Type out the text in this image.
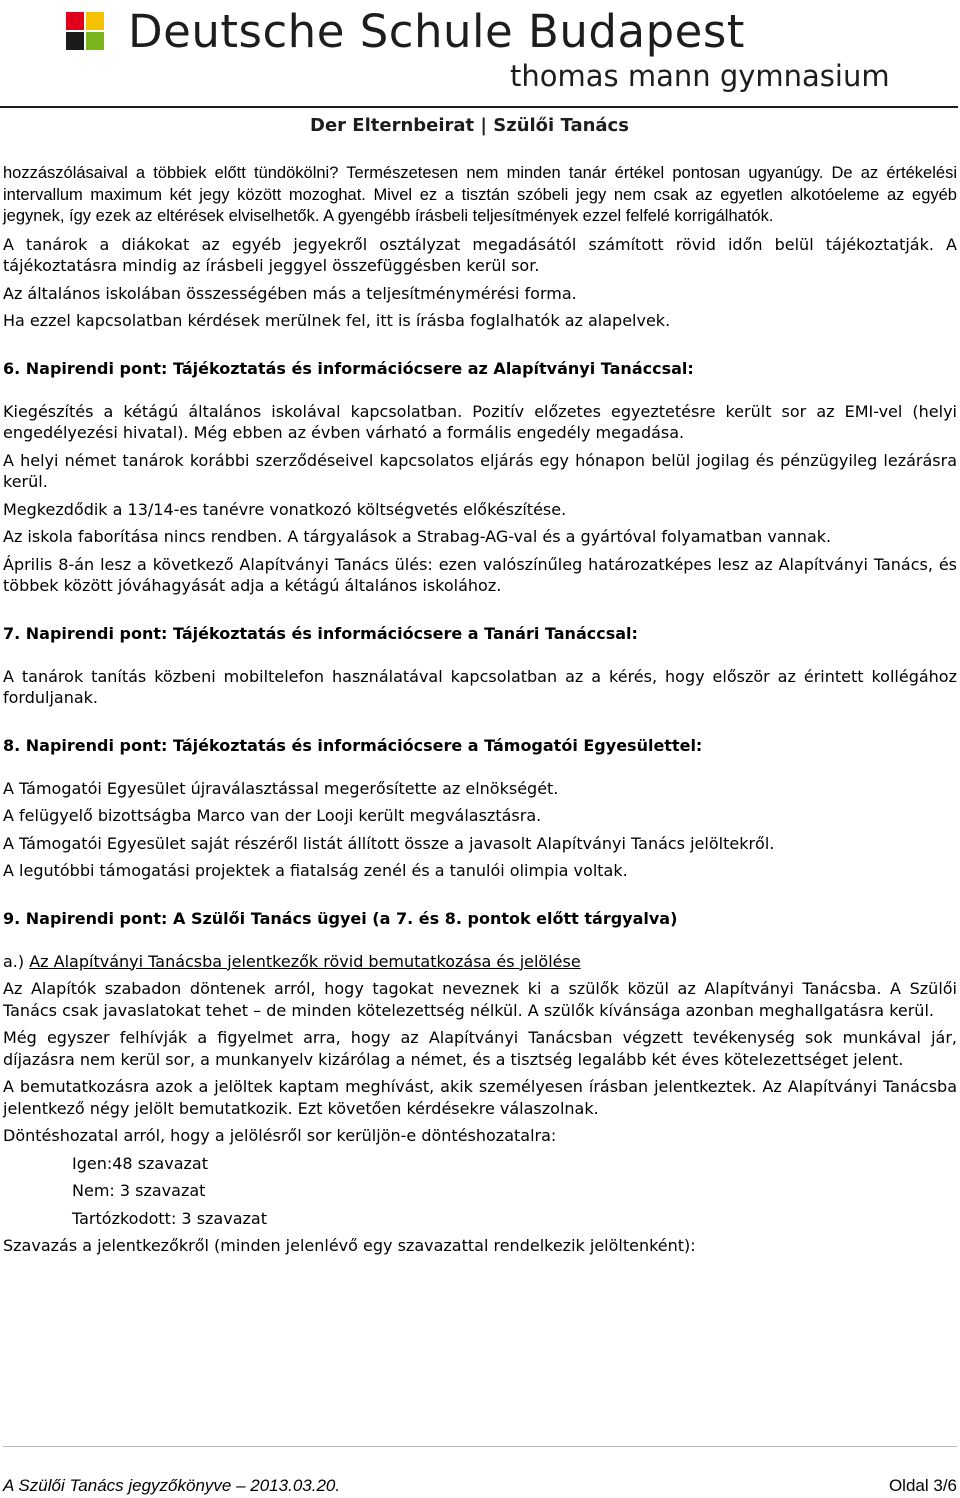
Deutsche Schule Budapest
thomas mann gymnasium
Der Elternbeirat | Szülői Tanács

hozzászólásaival a többiek előtt tündökölni? Természetesen nem minden tanár értékel pontosan ugyanúgy. De az értékelési intervallum maximum két jegy között mozoghat. Mivel ez a tisztán szóbeli jegy nem csak az egyetlen alkotóeleme az egyéb jegynek, így ezek az eltérések elviselhetők. A gyengébb írásbeli teljesítmények ezzel felfelé korrigálhatók.

A tanárok a diákokat az egyéb jegyekről osztályzat megadásától számított rövid időn belül tájékoztatják. A tájékoztatásra mindig az írásbeli jeggyel összefüggésben kerül sor.

Az általános iskolában összességében más a teljesítménymérési forma.

Ha ezzel kapcsolatban kérdések merülnek fel, itt is írásba foglalhatók az alapelvek.

6. Napirendi pont: Tájékoztatás és információcsere az Alapítványi Tanáccsal:

Kiegészítés a kétágú általános iskolával kapcsolatban. Pozitív előzetes egyeztetésre került sor az EMI-vel (helyi engedélyezési hivatal). Még ebben az évben várható a formális engedély megadása.

A helyi német tanárok korábbi szerződéseivel kapcsolatos eljárás egy hónapon belül jogilag és pénzügyileg lezárásra kerül.

Megkezdődik a 13/14-es tanévre vonatkozó költségvetés előkészítése.

Az iskola faborítása nincs rendben. A tárgyalások a Strabag-AG-val és a gyártóval folyamatban vannak.

Április 8-án lesz a következő Alapítványi Tanács ülés: ezen valószínűleg határozatképes lesz az Alapítványi Tanács, és többek között jóváhagyását adja a kétágú általános iskolához.

7. Napirendi pont: Tájékoztatás és információcsere a Tanári Tanáccsal:

A tanárok tanítás közbeni mobiltelefon használatával kapcsolatban az a kérés, hogy először az érintett kollégához forduljanak.

8. Napirendi pont: Tájékoztatás és információcsere a Támogatói Egyesülettel:

A Támogatói Egyesület újraválasztással megerősítette az elnökségét.

A felügyelő bizottságba Marco van der Looji került megválasztásra.

A Támogatói Egyesület saját részéről listát állított össze a javasolt Alapítványi Tanács jelöltekről.

A legutóbbi támogatási projektek a fiatalság zenél és a tanulói olimpia voltak.

9. Napirendi pont: A Szülői Tanács ügyei (a 7. és 8. pontok előtt tárgyalva)

a.) Az Alapítványi Tanácsba jelentkezők rövid bemutatkozása és jelölése

Az Alapítók szabadon döntenek arról, hogy tagokat neveznek ki a szülők közül az Alapítványi Tanácsba. A Szülői Tanács csak javaslatokat tehet – de minden kötelezettség nélkül. A szülők kívánsága azonban meghallgatásra kerül.

Még egyszer felhívják a figyelmet arra, hogy az Alapítványi Tanácsban végzett tevékenység sok munkával jár, díjazásra nem kerül sor, a munkanyelv kizárólag a német, és a tisztség legalább két éves kötelezettséget jelent.

A bemutatkozásra azok a jelöltek kaptam meghívást, akik személyesen írásban jelentkeztek. Az Alapítványi Tanácsba jelentkező négy jelölt bemutatkozik. Ezt követően kérdésekre válaszolnak.

Döntéshozatal arról, hogy a jelölésről sor kerüljön-e döntéshozatalra:

Igen:48 szavazat

Nem: 3 szavazat

Tartózkodott: 3 szavazat

Szavazás a jelentkezőkről (minden jelenlévő egy szavazattal rendelkezik jelöltenként):

A Szülői Tanács jegyzőkönyve – 2013.03.20.	Oldal 3/6
